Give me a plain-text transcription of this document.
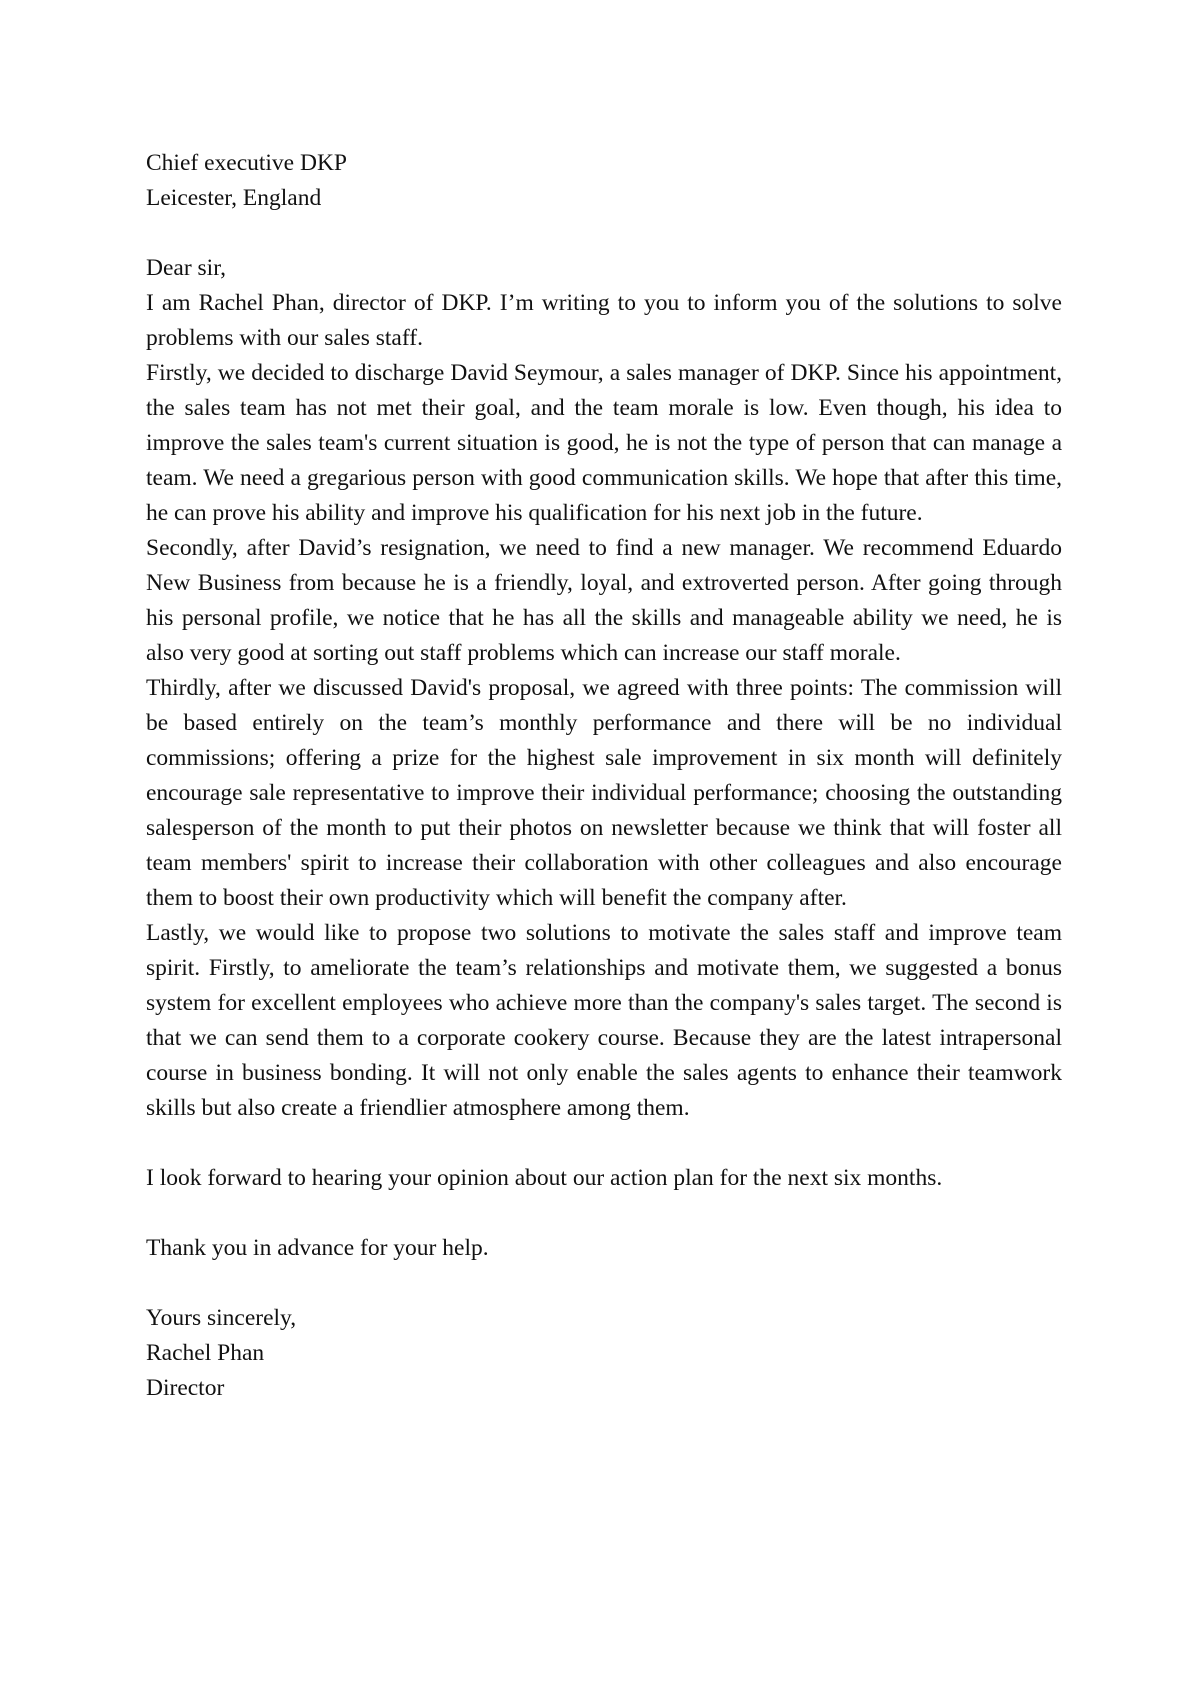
Chief executive DKP
Leicester, England
Dear sir,

I am Rachel Phan, director of DKP. I’m writing to you to inform you of the solutions to solve problems with our sales staff.

Firstly, we decided to discharge David Seymour, a sales manager of DKP. Since his appointment, the sales team has not met their goal, and the team morale is low. Even though, his idea to improve the sales team's current situation is good, he is not the type of person that can manage a team. We need a gregarious person with good communication skills. We hope that after this time, he can prove his ability and improve his qualification for his next job in the future.

Secondly, after David’s resignation, we need to find a new manager. We recommend Eduardo New Business from because he is a friendly, loyal, and extroverted person. After going through his personal profile, we notice that he has all the skills and manageable ability we need, he is also very good at sorting out staff problems which can increase our staff morale.

Thirdly, after we discussed David's proposal, we agreed with three points: The commission will be based entirely on the team’s monthly performance and there will be no individual commissions; offering a prize for the highest sale improvement in six month will definitely encourage sale representative to improve their individual performance; choosing the outstanding salesperson of the month to put their photos on newsletter because we think that will foster all team members' spirit to increase their collaboration with other colleagues and also encourage them to boost their own productivity which will benefit the company after.

Lastly, we would like to propose two solutions to motivate the sales staff and improve team spirit. Firstly, to ameliorate the team’s relationships and motivate them, we suggested a bonus system for excellent employees who achieve more than the company's sales target. The second is that we can send them to a corporate cookery course. Because they are the latest intrapersonal course in business bonding. It will not only enable the sales agents to enhance their teamwork skills but also create a friendlier atmosphere among them.

I look forward to hearing your opinion about our action plan for the next six months.

Thank you in advance for your help.

Yours sincerely,
Rachel Phan
Director
